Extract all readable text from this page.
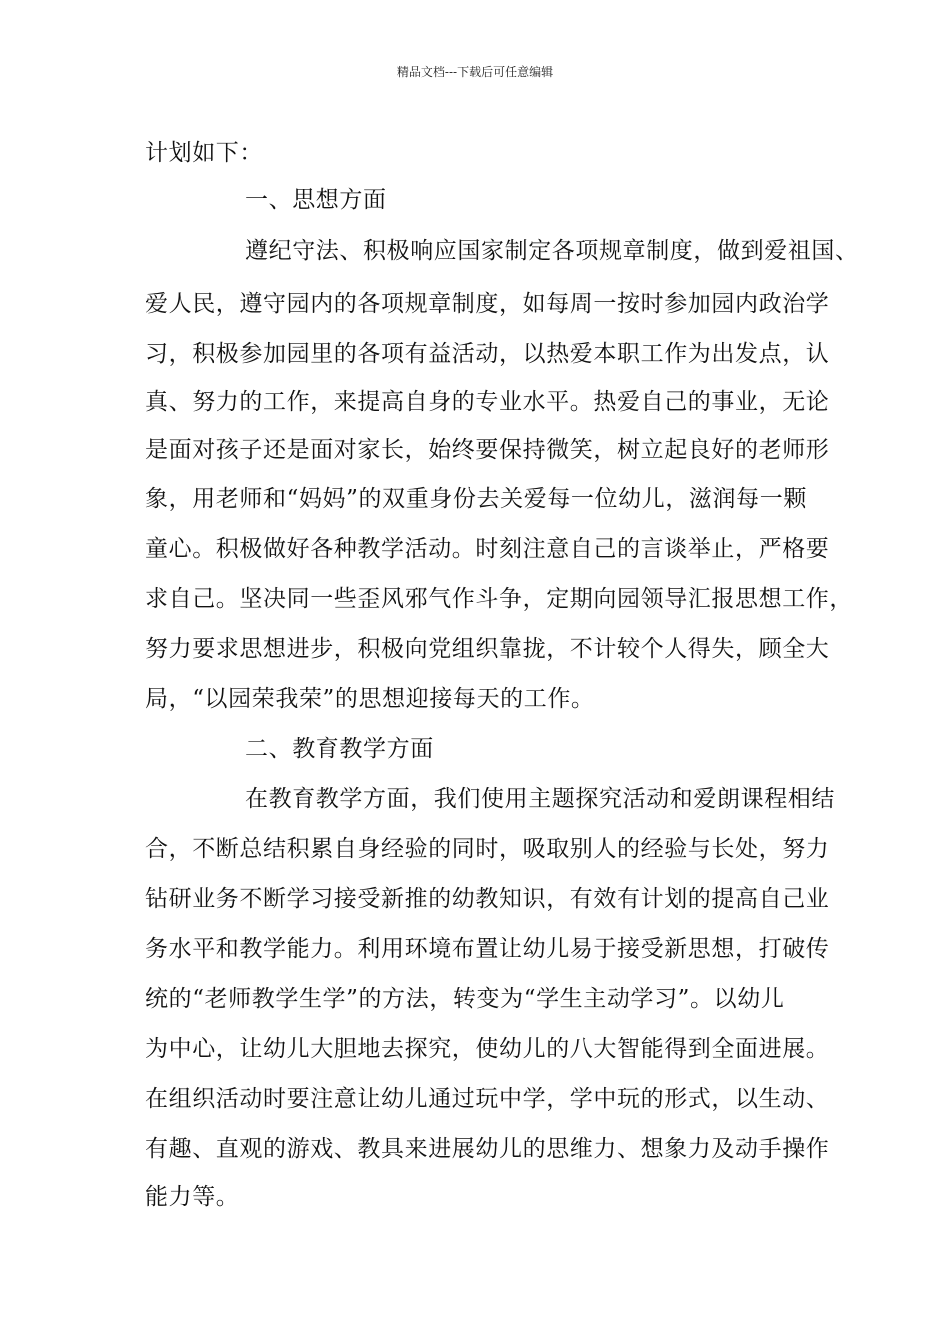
精品文档---下载后可任意编辑
计划如下：
一、思想方面
遵纪守法、积极响应国家制定各项规章制度，做到爱祖国、
爱人民，遵守园内的各项规章制度，如每周一按时参加园内政治学
习，积极参加园里的各项有益活动，以热爱本职工作为出发点，认
真、努力的工作，来提高自身的专业水平。热爱自己的事业，无论
是面对孩子还是面对家长，始终要保持微笑，树立起良好的老师形
象，用老师和“妈妈”的双重身份去关爱每一位幼儿，滋润每一颗
童心。积极做好各种教学活动。时刻注意自己的言谈举止，严格要
求自己。坚决同一些歪风邪气作斗争，定期向园领导汇报思想工作，
努力要求思想进步，积极向党组织靠拢，不计较个人得失，顾全大
局，“以园荣我荣”的思想迎接每天的工作。
二、教育教学方面
在教育教学方面，我们使用主题探究活动和爱朗课程相结
合，不断总结积累自身经验的同时，吸取别人的经验与长处，努力
钻研业务不断学习接受新推的幼教知识，有效有计划的提高自己业
务水平和教学能力。利用环境布置让幼儿易于接受新思想，打破传
统的“老师教学生学”的方法，转变为“学生主动学习”。以幼儿
为中心，让幼儿大胆地去探究，使幼儿的八大智能得到全面进展。
在组织活动时要注意让幼儿通过玩中学，学中玩的形式，以生动、
有趣、直观的游戏、教具来进展幼儿的思维力、想象力及动手操作
能力等。
